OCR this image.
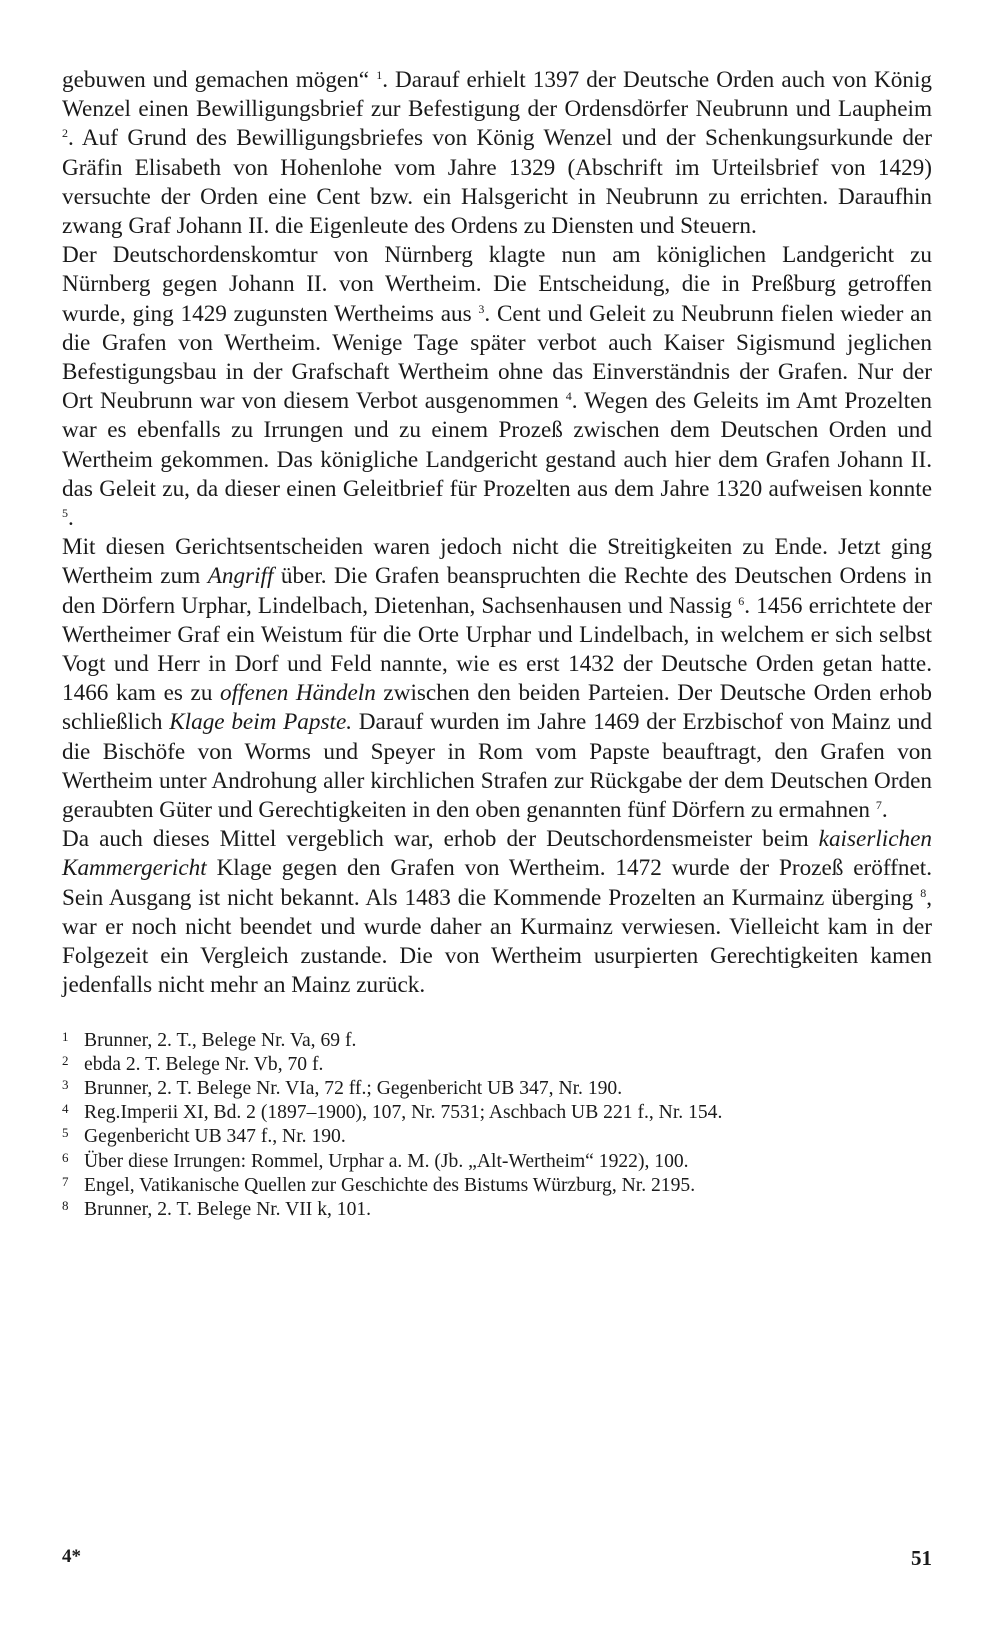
gebuwen und gemachen mögen“ $^1$. Darauf erhielt 1397 der Deutsche Orden auch von König Wenzel einen Bewilligungsbrief zur Befestigung der Ordensdörfer Neubrunn und Laupheim $^2$. Auf Grund des Bewilligungsbriefes von König Wenzel und der Schenkungsurkunde der Gräfin Elisabeth von Hohenlohe vom Jahre 1329 (Abschrift im Urteilsbrief von 1429) versuchte der Orden eine Cent bzw. ein Halsgericht in Neubrunn zu errichten. Daraufhin zwang Graf Johann II. die Eigenleute des Ordens zu Diensten und Steuern.

Der Deutschordenskomtur von Nürnberg klagte nun am königlichen Landgericht zu Nürnberg gegen Johann II. von Wertheim. Die Entscheidung, die in Preßburg getroffen wurde, ging 1429 zugunsten Wertheims aus $^3$. Cent und Geleit zu Neubrunn fielen wieder an die Grafen von Wertheim. Wenige Tage später verbot auch Kaiser Sigismund jeglichen Befestigungsbau in der Grafschaft Wertheim ohne das Einverständnis der Grafen. Nur der Ort Neubrunn war von diesem Verbot ausgenommen $^4$. Wegen des Geleits im Amt Prozelten war es ebenfalls zu Irrungen und zu einem Prozeß zwischen dem Deutschen Orden und Wertheim gekommen. Das königliche Landgericht gestand auch hier dem Grafen Johann II. das Geleit zu, da dieser einen Geleitbrief für Prozelten aus dem Jahre 1320 aufweisen konnte $^5$.

Mit diesen Gerichtsentscheiden waren jedoch nicht die Streitigkeiten zu Ende. Jetzt ging Wertheim zum Angriff über. Die Grafen beanspruchten die Rechte des Deutschen Ordens in den Dörfern Urphar, Lindelbach, Dietenhan, Sachsenhausen und Nassig $^6$. 1456 errichtete der Wertheimer Graf ein Weistum für die Orte Urphar und Lindelbach, in welchem er sich selbst Vogt und Herr in Dorf und Feld nannte, wie es erst 1432 der Deutsche Orden getan hatte. 1466 kam es zu offenen Händeln zwischen den beiden Parteien. Der Deutsche Orden erhob schließlich Klage beim Papste. Darauf wurden im Jahre 1469 der Erzbischof von Mainz und die Bischöfe von Worms und Speyer in Rom vom Papste beauftragt, den Grafen von Wertheim unter Androhung aller kirchlichen Strafen zur Rückgabe der dem Deutschen Orden geraubten Güter und Gerechtigkeiten in den oben genannten fünf Dörfern zu ermahnen $^7$.

Da auch dieses Mittel vergeblich war, erhob der Deutschordensmeister beim kaiserlichen Kammergericht Klage gegen den Grafen von Wertheim. 1472 wurde der Prozeß eröffnet. Sein Ausgang ist nicht bekannt. Als 1483 die Kommende Prozelten an Kurmainz überging $^8$, war er noch nicht beendet und wurde daher an Kurmainz verwiesen. Vielleicht kam in der Folgezeit ein Vergleich zustande. Die von Wertheim usurpierten Gerechtigkeiten kamen jedenfalls nicht mehr an Mainz zurück.

1 Brunner, 2. T., Belege Nr. Va, 69 f.
2 ebda 2. T. Belege Nr. Vb, 70 f.
3 Brunner, 2. T. Belege Nr. VIa, 72 ff.; Gegenbericht UB 347, Nr. 190.
4 Reg.Imperii XI, Bd. 2 (1897–1900), 107, Nr. 7531; Aschbach UB 221 f., Nr. 154.
5 Gegenbericht UB 347 f., Nr. 190.
6 Über diese Irrungen: Rommel, Urphar a. M. (Jb. „Alt-Wertheim“ 1922), 100.
7 Engel, Vatikanische Quellen zur Geschichte des Bistums Würzburg, Nr. 2195.
8 Brunner, 2. T. Belege Nr. VII k, 101.
4*	51
